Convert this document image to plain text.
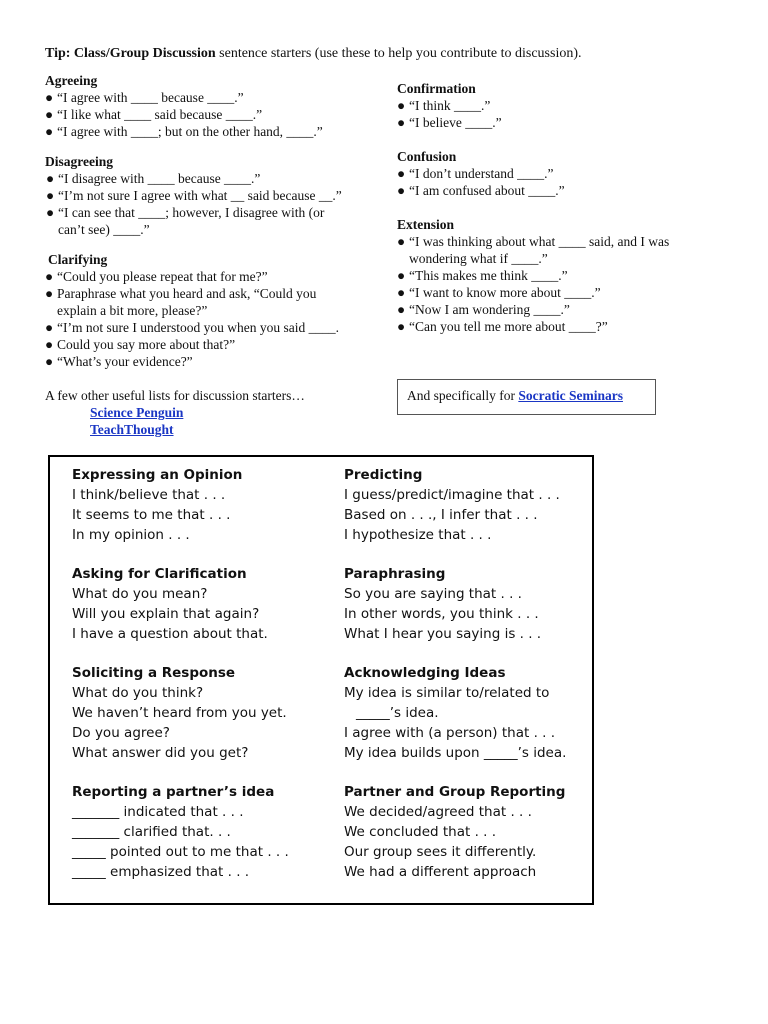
Tip: Class/Group Discussion sentence starters (use these to help you contribute to discussion).
Agreeing
● “I agree with ____ because ____.”
● “I like what ____ said because ____.”
● “I agree with ____; but on the other hand, ____.”
Disagreeing
● “I disagree with ____ because ____.”
● “I’m not sure I agree with what __ said because __.”
● “I can see that ____; however, I disagree with (or can’t see) ____.”
Clarifying
● “Could you please repeat that for me?”
● Paraphrase what you heard and ask, “Could you explain a bit more, please?”
● “I’m not sure I understood you when you said ____.
● Could you say more about that?”
● “What’s your evidence?”
Confirmation
● “I think ____.”
● “I believe ____.”
Confusion
● “I don’t understand ____.”
● “I am confused about ____.”
Extension
● “I was thinking about what ____ said, and I was wondering what if ____.”
● “This makes me think ____.”
● “I want to know more about ____.”
● “Now I am wondering ____.”
● “Can you tell me more about ____?”
A few other useful lists for discussion starters…
Science Penguin
TeachThought
And specifically for Socratic Seminars
Expressing an Opinion
I think/believe that . . .
It seems to me that . . .
In my opinion . . .
Predicting
I guess/predict/imagine that . . .
Based on . . ., I infer that . . .
I hypothesize that . . .
Asking for Clarification
What do you mean?
Will you explain that again?
I have a question about that.
Paraphrasing
So you are saying that . . .
In other words, you think . . .
What I hear you saying is . . .
Soliciting a Response
What do you think?
We haven’t heard from you yet.
Do you agree?
What answer did you get?
Acknowledging Ideas
My idea is similar to/related to
_____’s idea.
I agree with (a person) that . . .
My idea builds upon _____’s idea.
Reporting a partner’s idea
_______ indicated that . . .
_______ clarified that. . .
_____ pointed out to me that . . .
_____ emphasized that . . .
Partner and Group Reporting
We decided/agreed that . . .
We concluded that . . .
Our group sees it differently.
We had a different approach
